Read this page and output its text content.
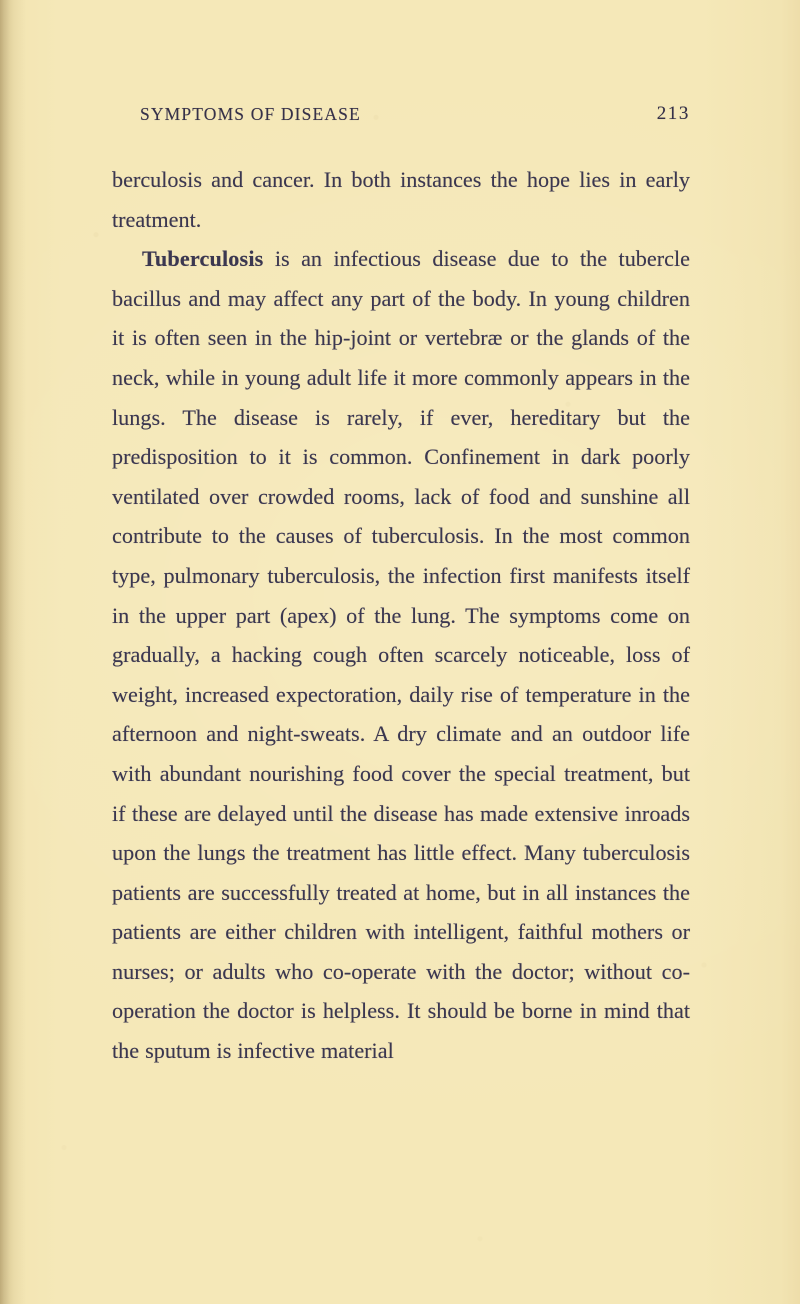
SYMPTOMS OF DISEASE	213

berculosis and cancer. In both instances the hope lies in early treatment.

Tuberculosis is an infectious disease due to the tubercle bacillus and may affect any part of the body. In young children it is often seen in the hip-joint or vertebræ or the glands of the neck, while in young adult life it more commonly appears in the lungs. The disease is rarely, if ever, hereditary but the predisposition to it is common. Confinement in dark poorly ventilated over crowded rooms, lack of food and sunshine all contribute to the causes of tuberculosis. In the most common type, pulmonary tuberculosis, the infection first manifests itself in the upper part (apex) of the lung. The symptoms come on gradually, a hacking cough often scarcely noticeable, loss of weight, increased expectoration, daily rise of temperature in the afternoon and night-sweats. A dry climate and an outdoor life with abundant nourishing food cover the special treatment, but if these are delayed until the disease has made extensive inroads upon the lungs the treatment has little effect. Many tuberculosis patients are successfully treated at home, but in all instances the patients are either children with intelligent, faithful mothers or nurses; or adults who co-operate with the doctor; without co-operation the doctor is helpless. It should be borne in mind that the sputum is infective material
